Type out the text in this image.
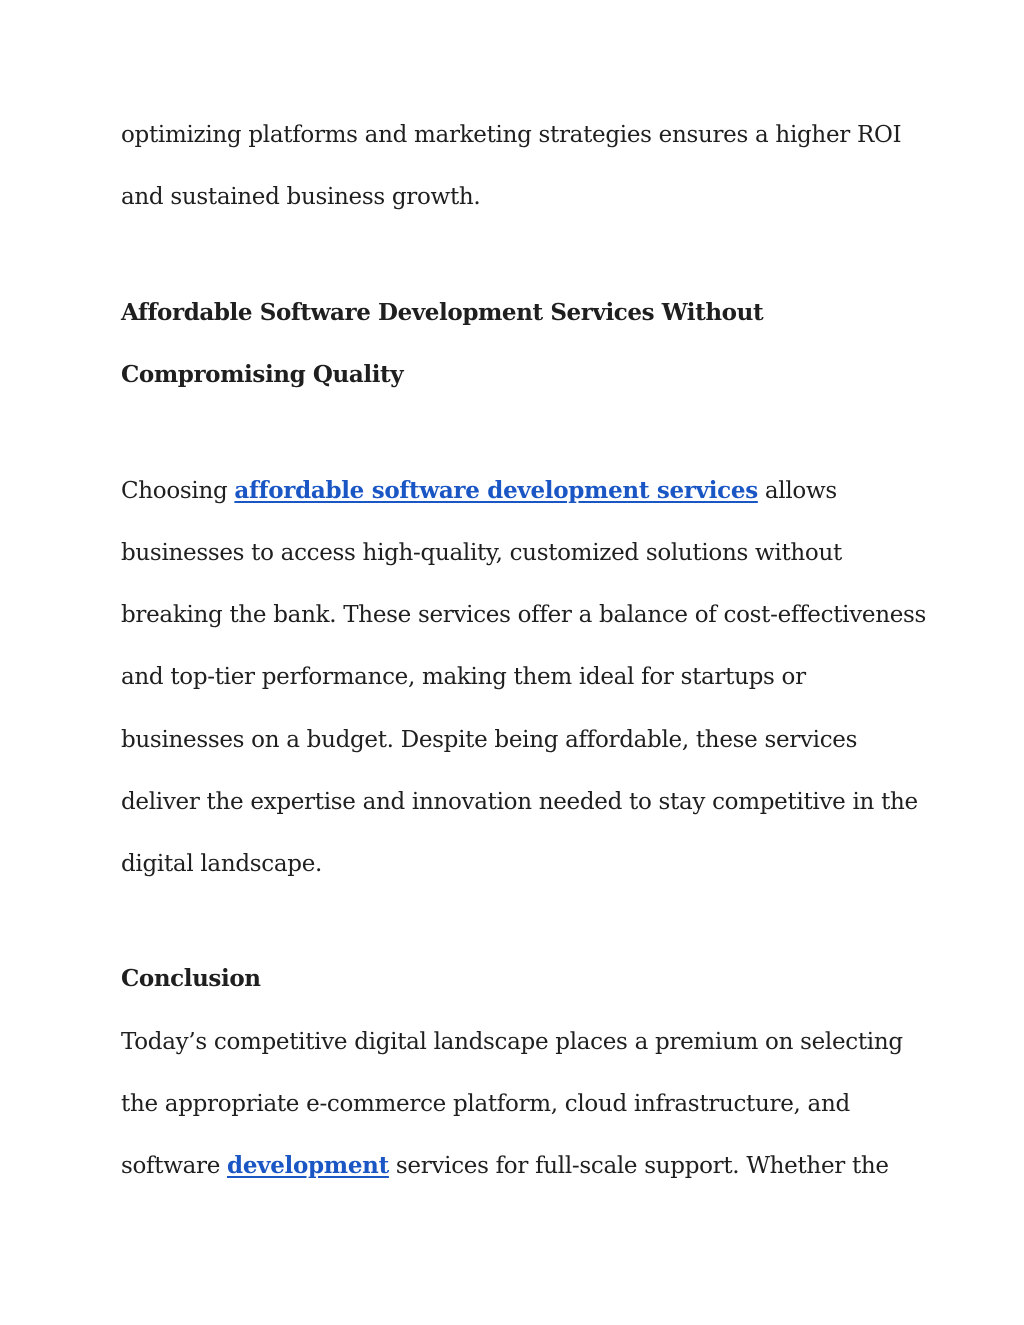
optimizing platforms and marketing strategies ensures a higher ROI
and sustained business growth.
Affordable Software Development Services Without
Compromising Quality
Choosing affordable software development services allows
businesses to access high-quality, customized solutions without
breaking the bank. These services offer a balance of cost-effectiveness
and top-tier performance, making them ideal for startups or
businesses on a budget. Despite being affordable, these services
deliver the expertise and innovation needed to stay competitive in the
digital landscape.
Conclusion
Today’s competitive digital landscape places a premium on selecting
the appropriate e-commerce platform, cloud infrastructure, and
software development services for full-scale support. Whether the
